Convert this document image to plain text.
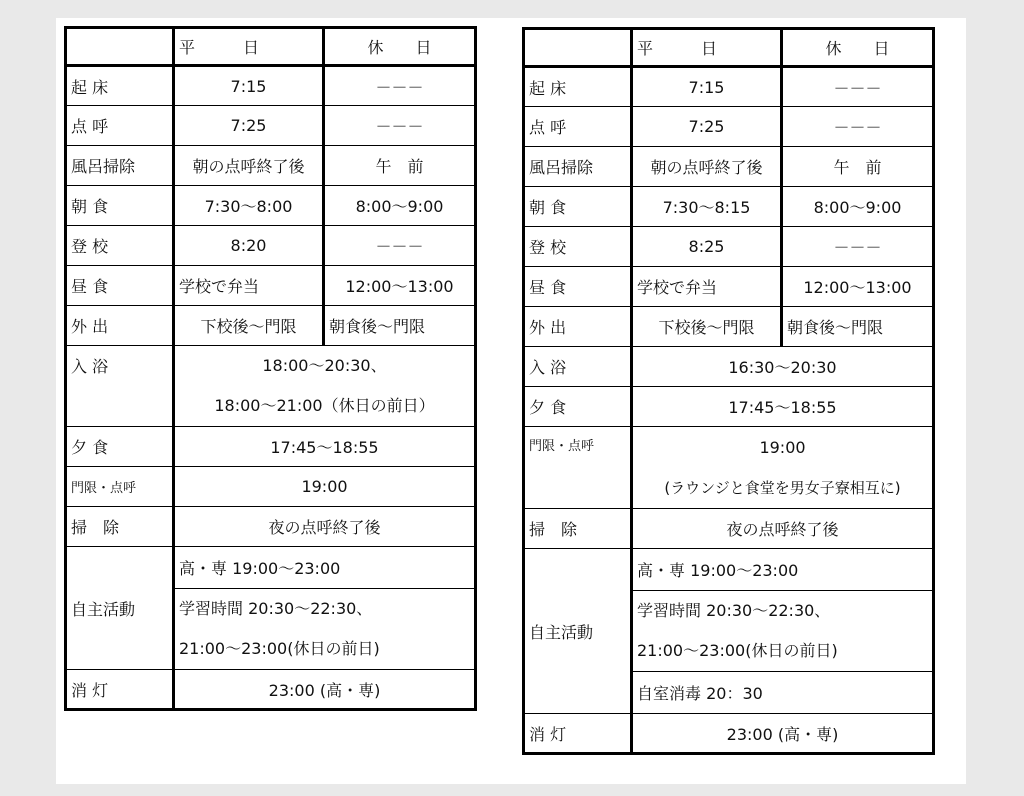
	平　　　日	休　　日
起 床	7:15	－－－
点 呼	7:25	－－－
風呂掃除	朝の点呼終了後	午　前
朝 食	7:30～8:00	8:00～9:00
登 校	8:20	－－－
昼 食	学校で弁当	12:00～13:00
外 出	下校後～門限	朝食後～門限
入 浴	18:00～20:30、
18:00～21:00（休日の前日）	

夕 食	17:45～18:55	
門限・点呼	19:00	
掃　除	夜の点呼終了後	
自主活動	高・専 19:00～23:00	

	学習時間 20:30～22:30、
21:00～23:00(休日の前日)	

消 灯	23:00 (高・専)	
	平　　　日	休　　日
起 床	7:15	－－－
点 呼	7:25	－－－
風呂掃除	朝の点呼終了後	午　前
朝 食	7:30～8:15	8:00～9:00
登 校	8:25	－－－
昼 食	学校で弁当	12:00～13:00
外 出	下校後～門限	朝食後～門限
入 浴	16:30～20:30	
夕 食	17:45～18:55	
門限・点呼	19:00
(ラウンジと食堂を男女子寮相互に)	

掃　除	夜の点呼終了後	
自主活動	高・専 19:00～23:00	

	学習時間 20:30～22:30、
21:00～23:00(休日の前日)	

	自室消毒 20：30	
消 灯	23:00 (高・専)	
